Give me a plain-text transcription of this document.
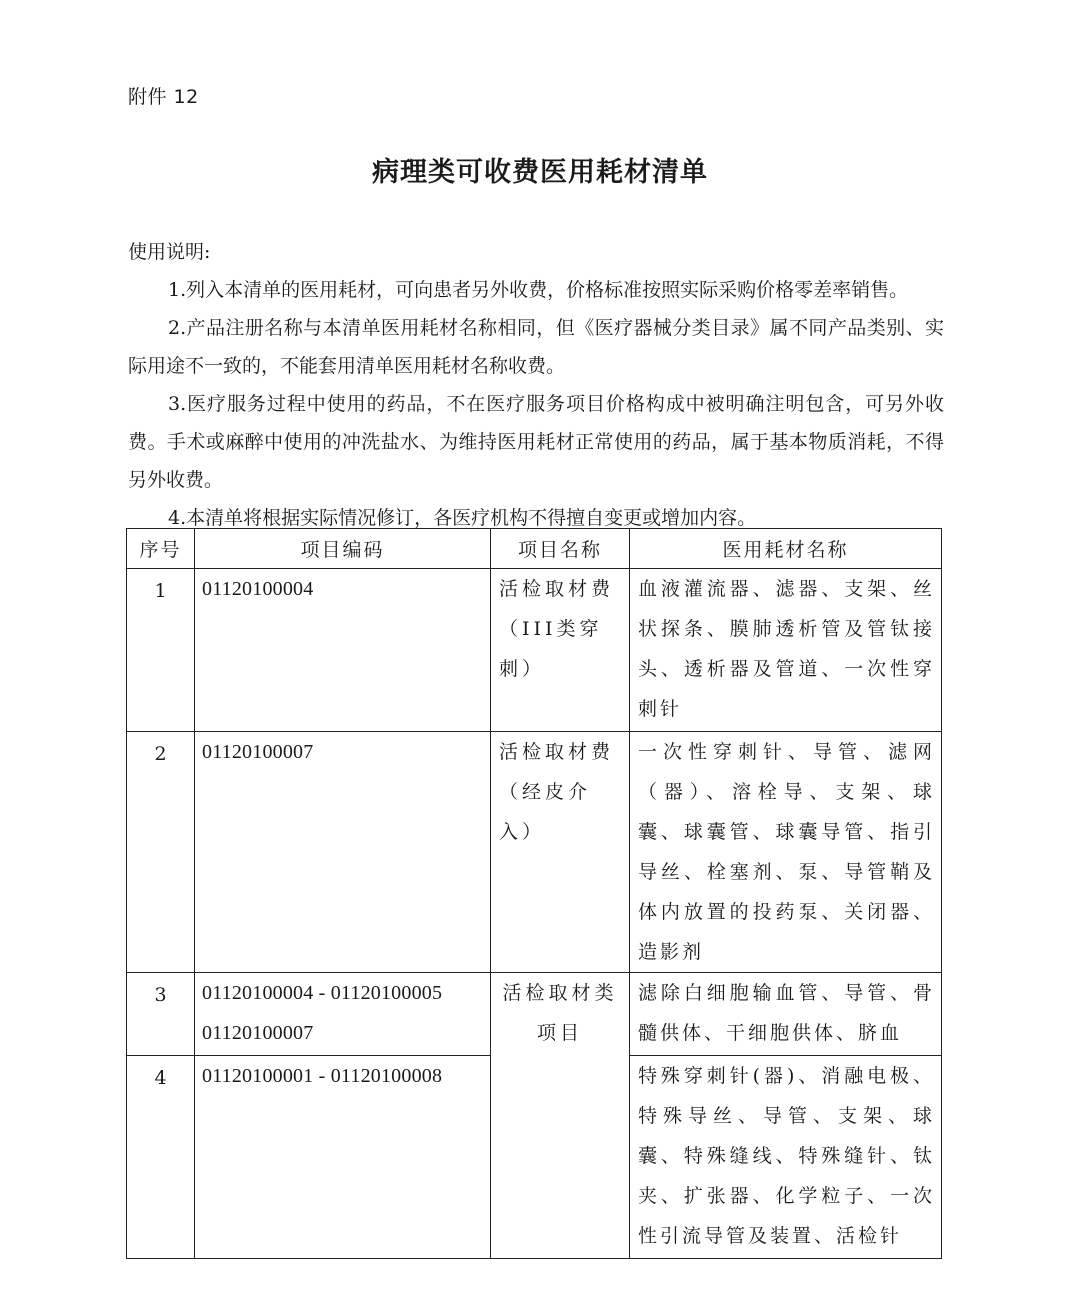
附件 12
病理类可收费医用耗材清单

使用说明:

1.列入本清单的医用耗材，可向患者另外收费，价格标准按照实际采购价格零差率销售。

2.产品注册名称与本清单医用耗材名称相同，但《医疗器械分类目录》属不同产品类别、实际用途不一致的，不能套用清单医用耗材名称收费。

3.医疗服务过程中使用的药品，不在医疗服务项目价格构成中被明确注明包含，可另外收费。手术或麻醉中使用的冲洗盐水、为维持医用耗材正常使用的药品，属于基本物质消耗，不得另外收费。

4.本清单将根据实际情况修订，各医疗机构不得擅自变更或增加内容。

序号	项目编码	项目名称	医用耗材名称
1	01120100004	活检取材费（III类穿刺）	血液灌流器、滤器、支架、丝状探条、膜肺透析管及管钛接头、透析器及管道、一次性穿刺针
2	01120100007	活检取材费（经皮介入）	一次性穿刺针、导管、滤网（器）、溶栓导、支架、球囊、球囊管、球囊导管、指引导丝、栓塞剂、泵、导管鞘及体内放置的投药泵、关闭器、造影剂
3	01120100004 - 01120100005
01120100007	活检取材类项目	滤除白细胞输血管、导管、骨髓供体、干细胞供体、脐血
4	01120100001 - 01120100008		特殊穿刺针(器)、消融电极、特殊导丝、导管、支架、球囊、特殊缝线、特殊缝针、钛夹、扩张器、化学粒子、一次性引流导管及装置、活检针
